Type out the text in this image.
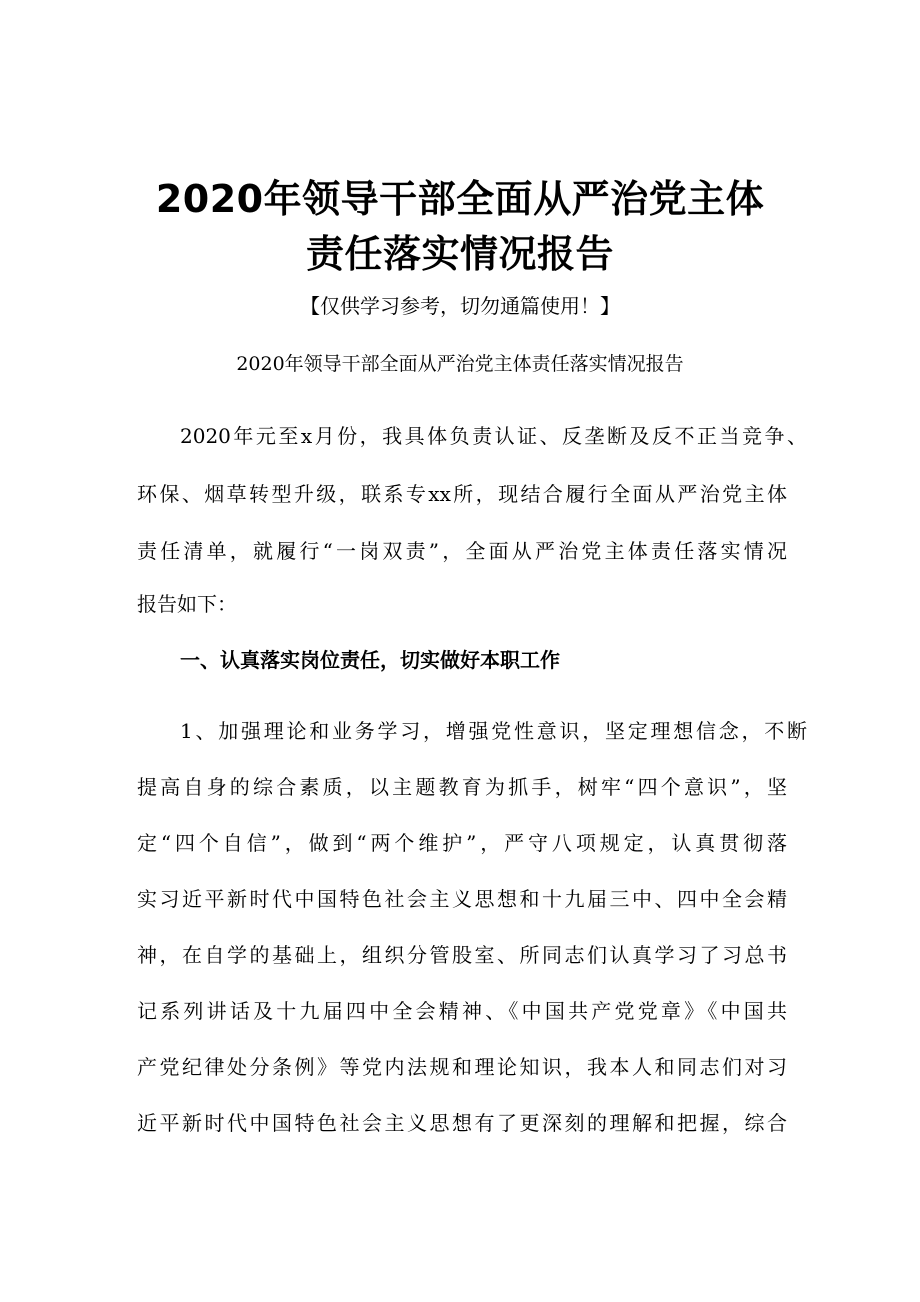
2020年领导干部全面从严治党主体
责任落实情况报告
【仅供学习参考，切勿通篇使用！】
2020年领导干部全面从严治党主体责任落实情况报告
2020年元至x月份，我具体负责认证、反垄断及反不正当竞争、
环保、烟草转型升级，联系专xx所，现结合履行全面从严治党主体
责任清单，就履行“一岗双责”，全面从严治党主体责任落实情况
报告如下：
一、认真落实岗位责任，切实做好本职工作
1、加强理论和业务学习，增强党性意识，坚定理想信念，不断
提高自身的综合素质，以主题教育为抓手，树牢“四个意识”，坚
定“四个自信”，做到“两个维护”，严守八项规定，认真贯彻落
实习近平新时代中国特色社会主义思想和十九届三中、四中全会精
神，在自学的基础上，组织分管股室、所同志们认真学习了习总书
记系列讲话及十九届四中全会精神、《中国共产党党章》《中国共
产党纪律处分条例》等党内法规和理论知识，我本人和同志们对习
近平新时代中国特色社会主义思想有了更深刻的理解和把握，综合
